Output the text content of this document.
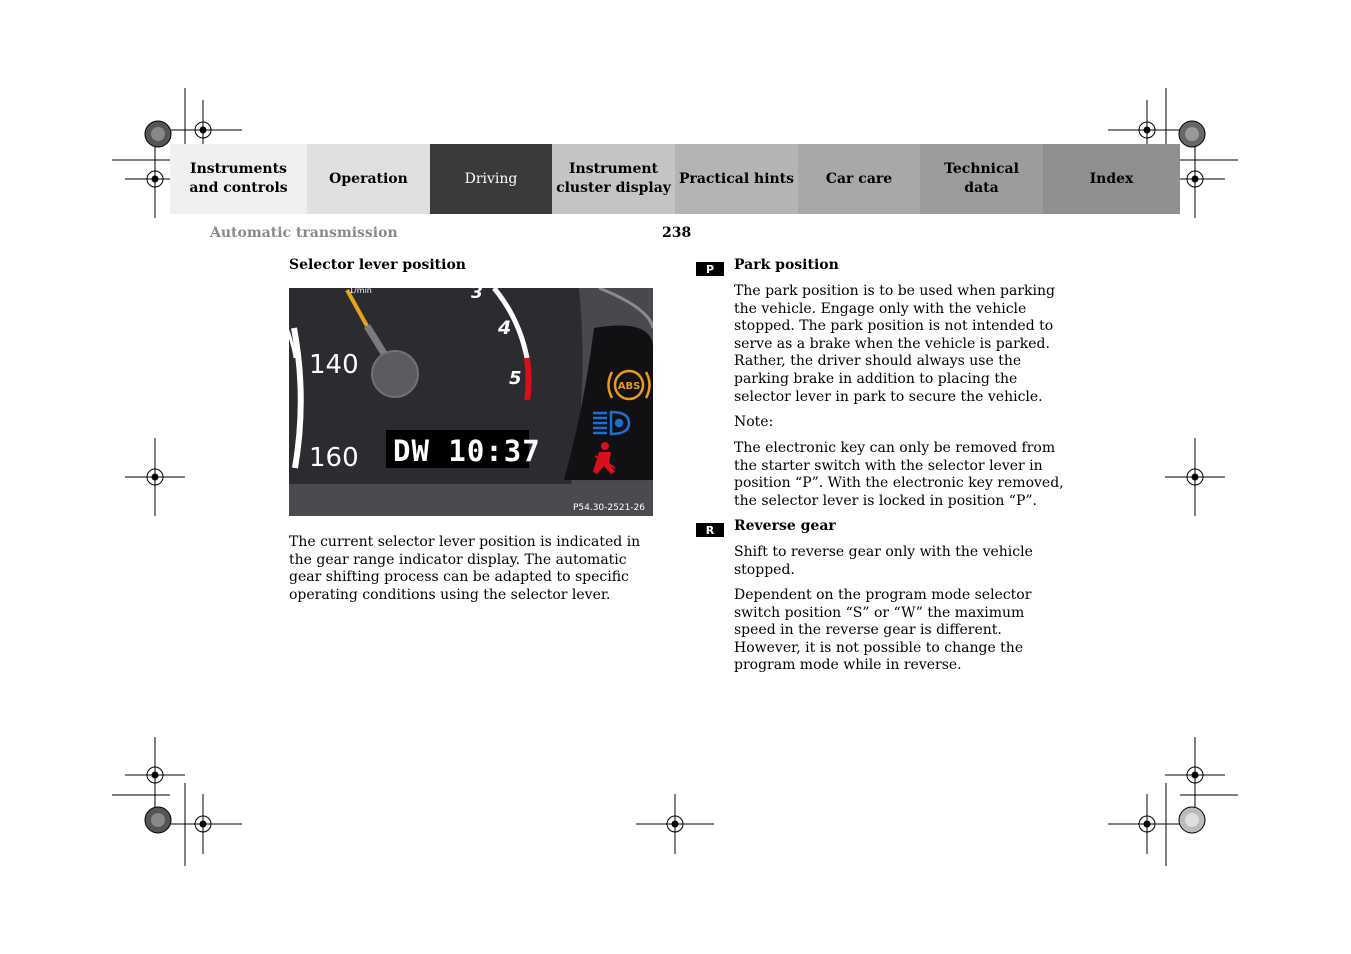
Instruments
and controls
Operation	Driving
Instrument
cluster display
Practical hints Car care
Technical
data
Index
Automatic transmission	238
Selector lever position
140
160
3
4
5
1/min
DW 10:37
ABS
P54.30-2521-26

The current selector lever position is indicated in the gear range indicator display. The automatic gear shifting process can be adapted to specific operating conditions using the selector lever.

P	Park position

The park position is to be used when parking the vehicle. Engage only with the vehicle stopped. The park position is not intended to serve as a brake when the vehicle is parked. Rather, the driver should always use the parking brake in addition to placing the selector lever in park to secure the vehicle.

Note:

The electronic key can only be removed from the starter switch with the selector lever in position “P”. With the electronic key removed, the selector lever is locked in position “P”.

R	Reverse gear

Shift to reverse gear only with the vehicle stopped.

Dependent on the program mode selector switch position “S” or “W” the maximum speed in the reverse gear is different. However, it is not possible to change the program mode while in reverse.
